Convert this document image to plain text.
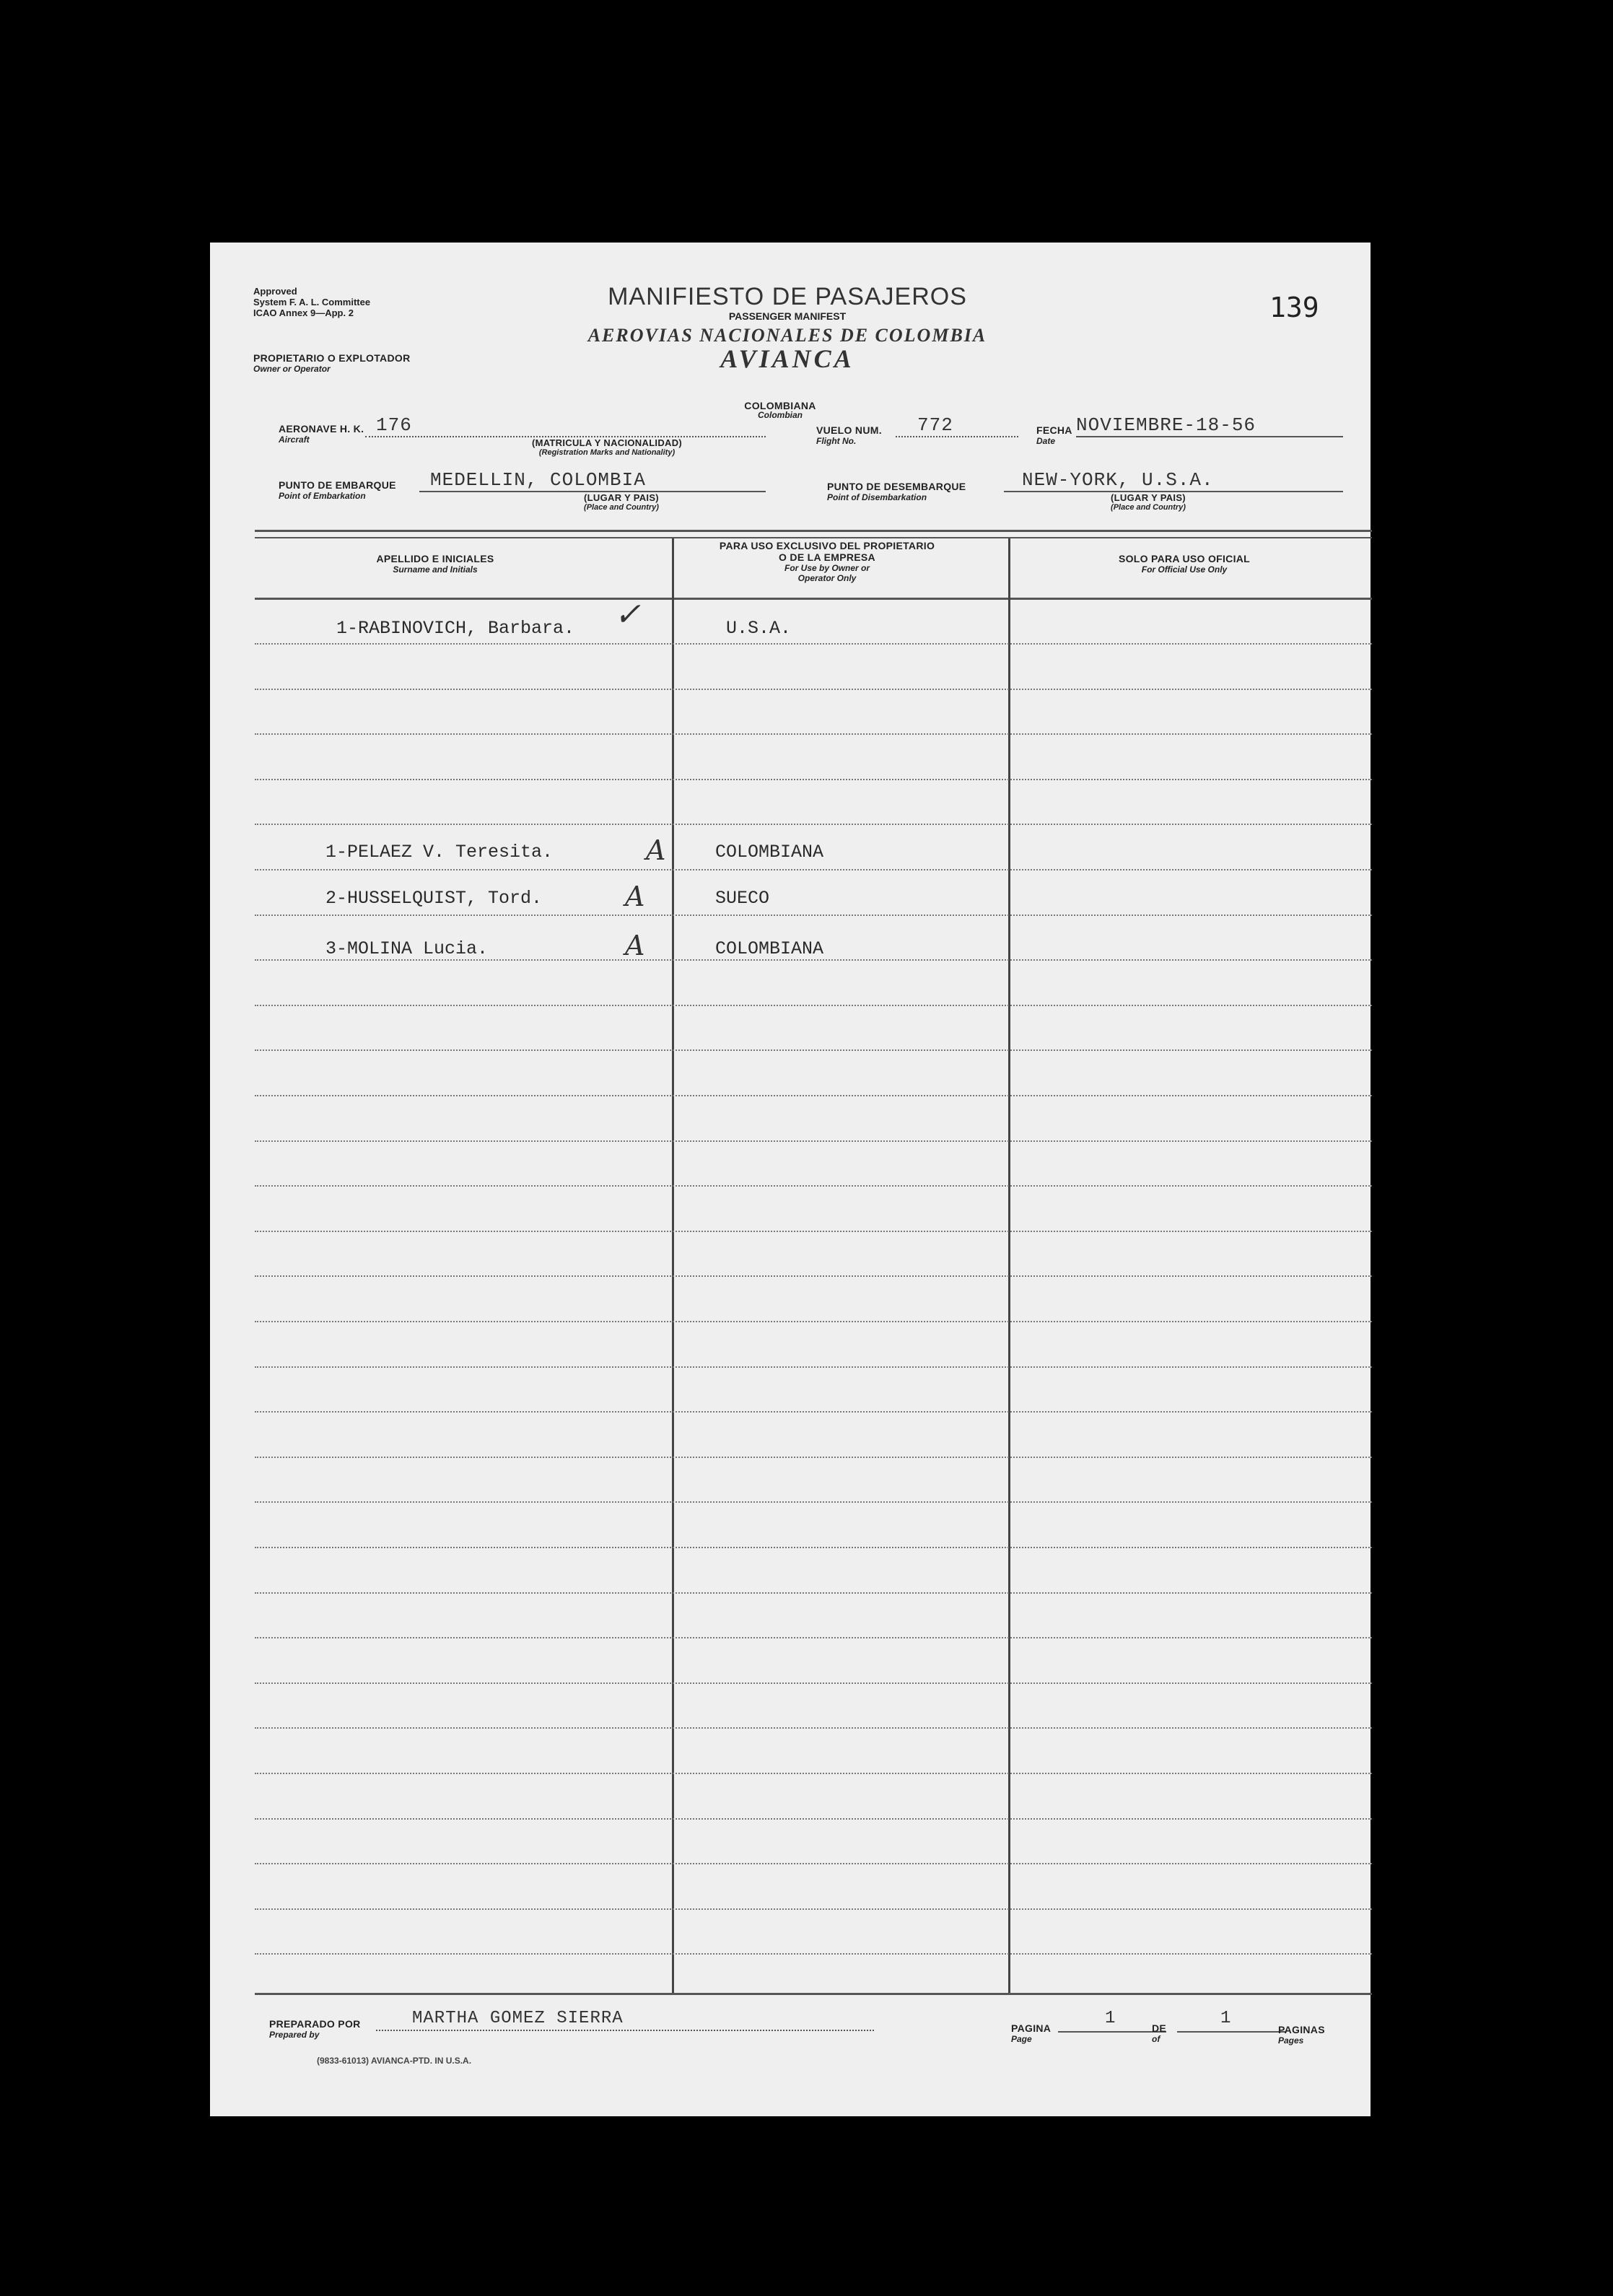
Approved
System F. A. L. Committee
ICAO Annex 9—App. 2
MANIFIESTO DE PASAJEROS
PASSENGER MANIFEST
AEROVIAS NACIONALES DE COLOMBIA
AVIANCA
139
PROPIETARIO O EXPLOTADOR
Owner or Operator
COLOMBIANA
Colombian
AERONAVE H. K.
Aircraft
176
(MATRICULA Y NACIONALIDAD)
(Registration Marks and Nationality)
VUELO NUM.
Flight No.
772	FECHA
Date
NOVIEMBRE-18-56
PUNTO DE EMBARQUE
Point of Embarkation
MEDELLIN, COLOMBIA
(LUGAR Y PAIS)
(Place and Country)
PUNTO DE DESEMBARQUE
Point of Disembarkation
NEW-YORK, U.S.A.
(LUGAR Y PAIS)
(Place and Country)
APELLIDO E INICIALES
Surname and Initials
PARA USO EXCLUSIVO DEL PROPIETARIO
O DE LA EMPRESA
For Use by Owner or
Operator Only
SOLO PARA USO OFICIAL
For Official Use Only
1-RABINOVICH, Barbara. ✓	U.S.A.
1-PELAEZ V. Teresita.	A	COLOMBIANA
2-HUSSELQUIST, Tord.	A	SUECO
3-MOLINA Lucia.	A	COLOMBIANA
PREPARADO POR
Prepared by
MARTHA GOMEZ SIERRA	PAGINA
Page
1	DE
of
1
PAGINAS
Pages
(9833-61013) AVIANCA-PTD. IN U.S.A.
